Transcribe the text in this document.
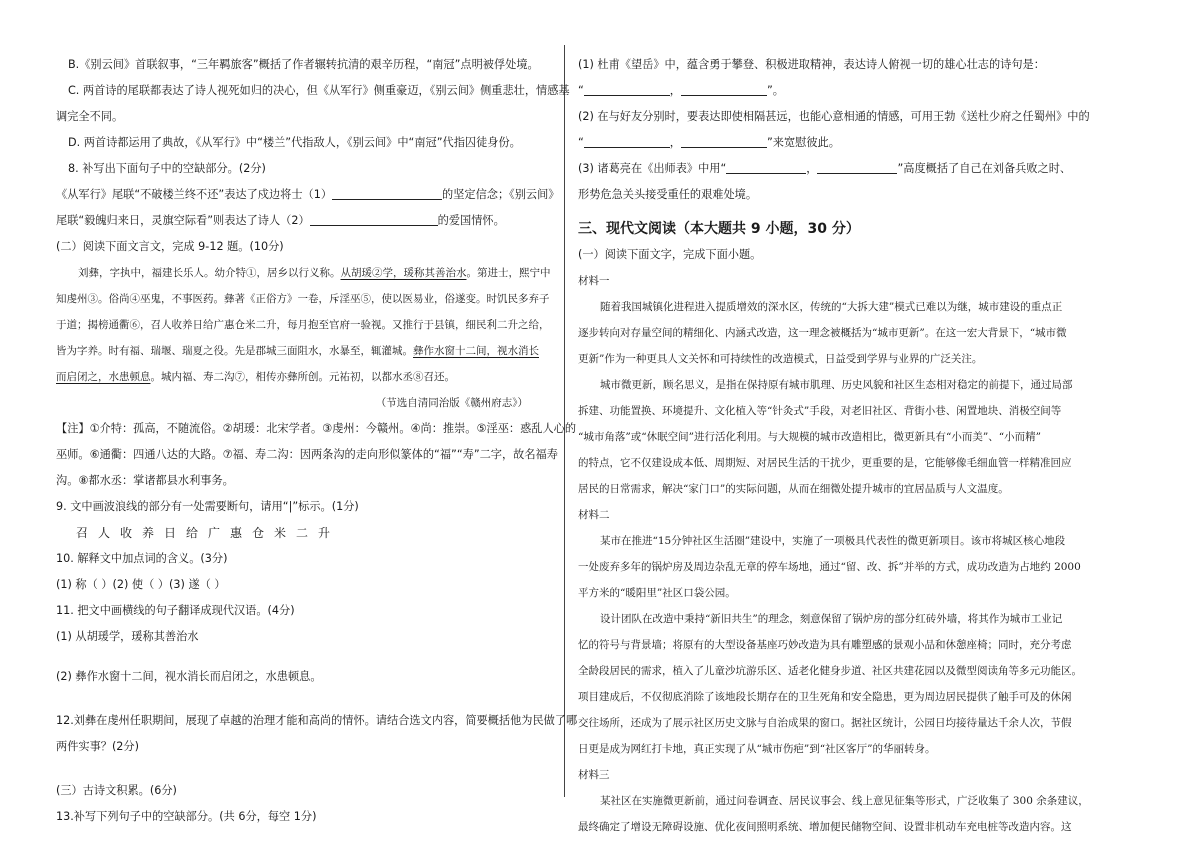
B.《别云间》首联叙事，“三年羁旅客”概括了作者辗转抗清的艰辛历程，“南冠”点明被俘处境。
C. 两首诗的尾联都表达了诗人视死如归的决心，但《从军行》侧重豪迈，《别云间》侧重悲壮，情感基
调完全不同。
D. 两首诗都运用了典故，《从军行》中“楼兰”代指敌人，《别云间》中“南冠”代指囚徒身份。
8. 补写出下面句子中的空缺部分。(2分)
《从军行》尾联“不破楼兰终不还”表达了戍边将士（1）	的坚定信念；《别云间》
尾联“毅魄归来日，灵旗空际看”则表达了诗人（2）	的爱国情怀。
(二）阅读下面文言文，完成 9-12 题。(10分)
刘彝，字执中，福建长乐人。幼介特①，居乡以行义称。从胡瑗②学，瑗称其善治水。第进士，熙宁中
知虔州③。俗尚④巫鬼，不事医药。彝著《正俗方》一卷，斥淫巫⑤，使以医易业，俗遂变。时饥民多弃子
于道；揭榜通衢⑥，召人收养日给广惠仓米二升，每月抱至官府一验视。又推行于县镇，细民利二升之给，
皆为字养。时有福、瑞堰、瑞夏之役。先是郡城三面阻水，水暴至，辄灌城。彝作水窗十二间，视水消长
而启闭之，水患顿息。城内福、寿二沟⑦，相传亦彝所创。元祐初，以都水丞⑧召还。
（节选自清同治版《赣州府志》）
【注】①介特：孤高，不随流俗。②胡瑗：北宋学者。③虔州：今赣州。④尚：推崇。⑤淫巫：惑乱人心的
巫师。⑥通衢：四通八达的大路。⑦福、寿二沟：因两条沟的走向形似篆体的“福”“寿”二字，故名福寿
沟。⑧都水丞：掌诸都县水利事务。
9. 文中画波浪线的部分有一处需要断句，请用“|”标示。(1分)
召人收养日给广惠仓米二升
10. 解释文中加点词的含义。(3分)
(1) 称（ ）(2) 使（ ）(3) 遂（ ）
11. 把文中画横线的句子翻译成现代汉语。(4分)
(1) 从胡瑗学，瑗称其善治水
(2) 彝作水窗十二间，视水消长而启闭之，水患顿息。
12.刘彝在虔州任职期间，展现了卓越的治理才能和高尚的情怀。请结合选文内容，简要概括他为民做了哪
两件实事？(2分)
(三）古诗文积累。(6分)
13.补写下列句子中的空缺部分。(共 6分，每空 1分)
(1) 杜甫《望岳》中，蕴含勇于攀登、积极进取精神，表达诗人俯视一切的雄心壮志的诗句是：
“	，	”。
(2) 在与好友分别时，要表达即使相隔甚远，也能心意相通的情感，可用王勃《送杜少府之任蜀州》中的
“	，	”来宽慰彼此。
(3) 诸葛亮在《出师表》中用“	，	”高度概括了自己在刘备兵败之时、
形势危急关头接受重任的艰难处境。
三、现代文阅读（本大题共 9 小题，30 分）
(一）阅读下面文字，完成下面小题。
材料一
随着我国城镇化进程进入提质增效的深水区，传统的“大拆大建”模式已难以为继，城市建设的重点正
逐步转向对存量空间的精细化、内涵式改造，这一理念被概括为“城市更新”。在这一宏大背景下，“城市微
更新”作为一种更具人文关怀和可持续性的改造模式，日益受到学界与业界的广泛关注。
城市微更新，顾名思义，是指在保持原有城市肌理、历史风貌和社区生态相对稳定的前提下，通过局部
拆建、功能置换、环境提升、文化植入等“针灸式”手段，对老旧社区、背街小巷、闲置地块、消极空间等
“城市角落”或“休眠空间”进行活化利用。与大规模的城市改造相比，微更新具有“小而美”、“小而精”
的特点，它不仅建设成本低、周期短、对居民生活的干扰少，更重要的是，它能够像毛细血管一样精准回应
居民的日常需求，解决“家门口”的实际问题，从而在细微处提升城市的宜居品质与人文温度。
材料二
某市在推进“15分钟社区生活圈”建设中，实施了一项极具代表性的微更新项目。该市将城区核心地段
一处废弃多年的锅炉房及周边杂乱无章的停车场地，通过“留、改、拆”并举的方式，成功改造为占地约 2000
平方米的“暖阳里”社区口袋公园。
设计团队在改造中秉持“新旧共生”的理念，刻意保留了锅炉房的部分红砖外墙，将其作为城市工业记
忆的符号与背景墙；将原有的大型设备基座巧妙改造为具有雕塑感的景观小品和休憩座椅；同时，充分考虑
全龄段居民的需求，植入了儿童沙坑游乐区、适老化健身步道、社区共建花园以及微型阅读角等多元功能区。
项目建成后，不仅彻底消除了该地段长期存在的卫生死角和安全隐患，更为周边居民提供了触手可及的休闲
交往场所，还成为了展示社区历史文脉与自治成果的窗口。据社区统计，公园日均接待量达千余人次，节假
日更是成为网红打卡地，真正实现了从“城市伤疤”到“社区客厅”的华丽转身。
材料三
某社区在实施微更新前，通过问卷调查、居民议事会、线上意见征集等形式，广泛收集了 300 余条建议，
最终确定了增设无障碍设施、优化夜间照明系统、增加便民储物空间、设置非机动车充电桩等改造内容。这
